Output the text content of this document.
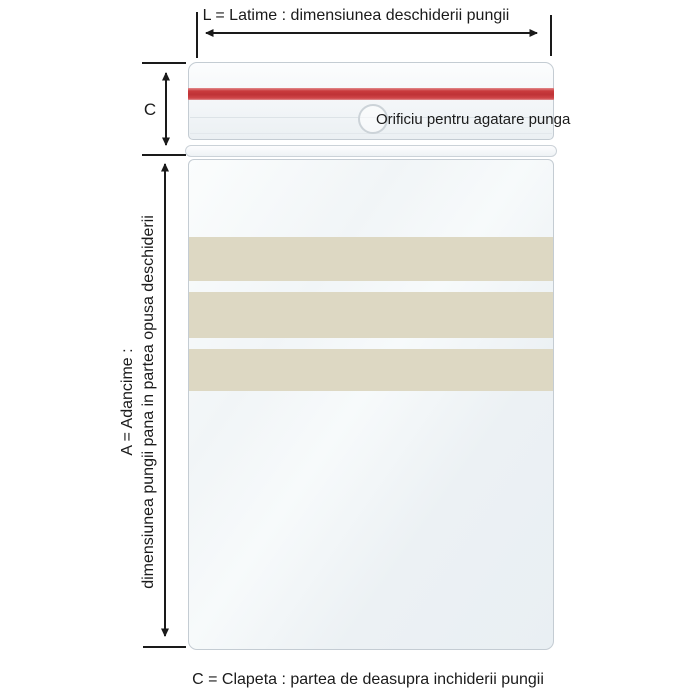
L = Latime : dimensiunea deschiderii pungii
C
Orificiu pentru agatare punga
A = Adancime : dimensiunea pungii pana in partea opusa deschiderii
C = Clapeta : partea de deasupra inchiderii pungii
